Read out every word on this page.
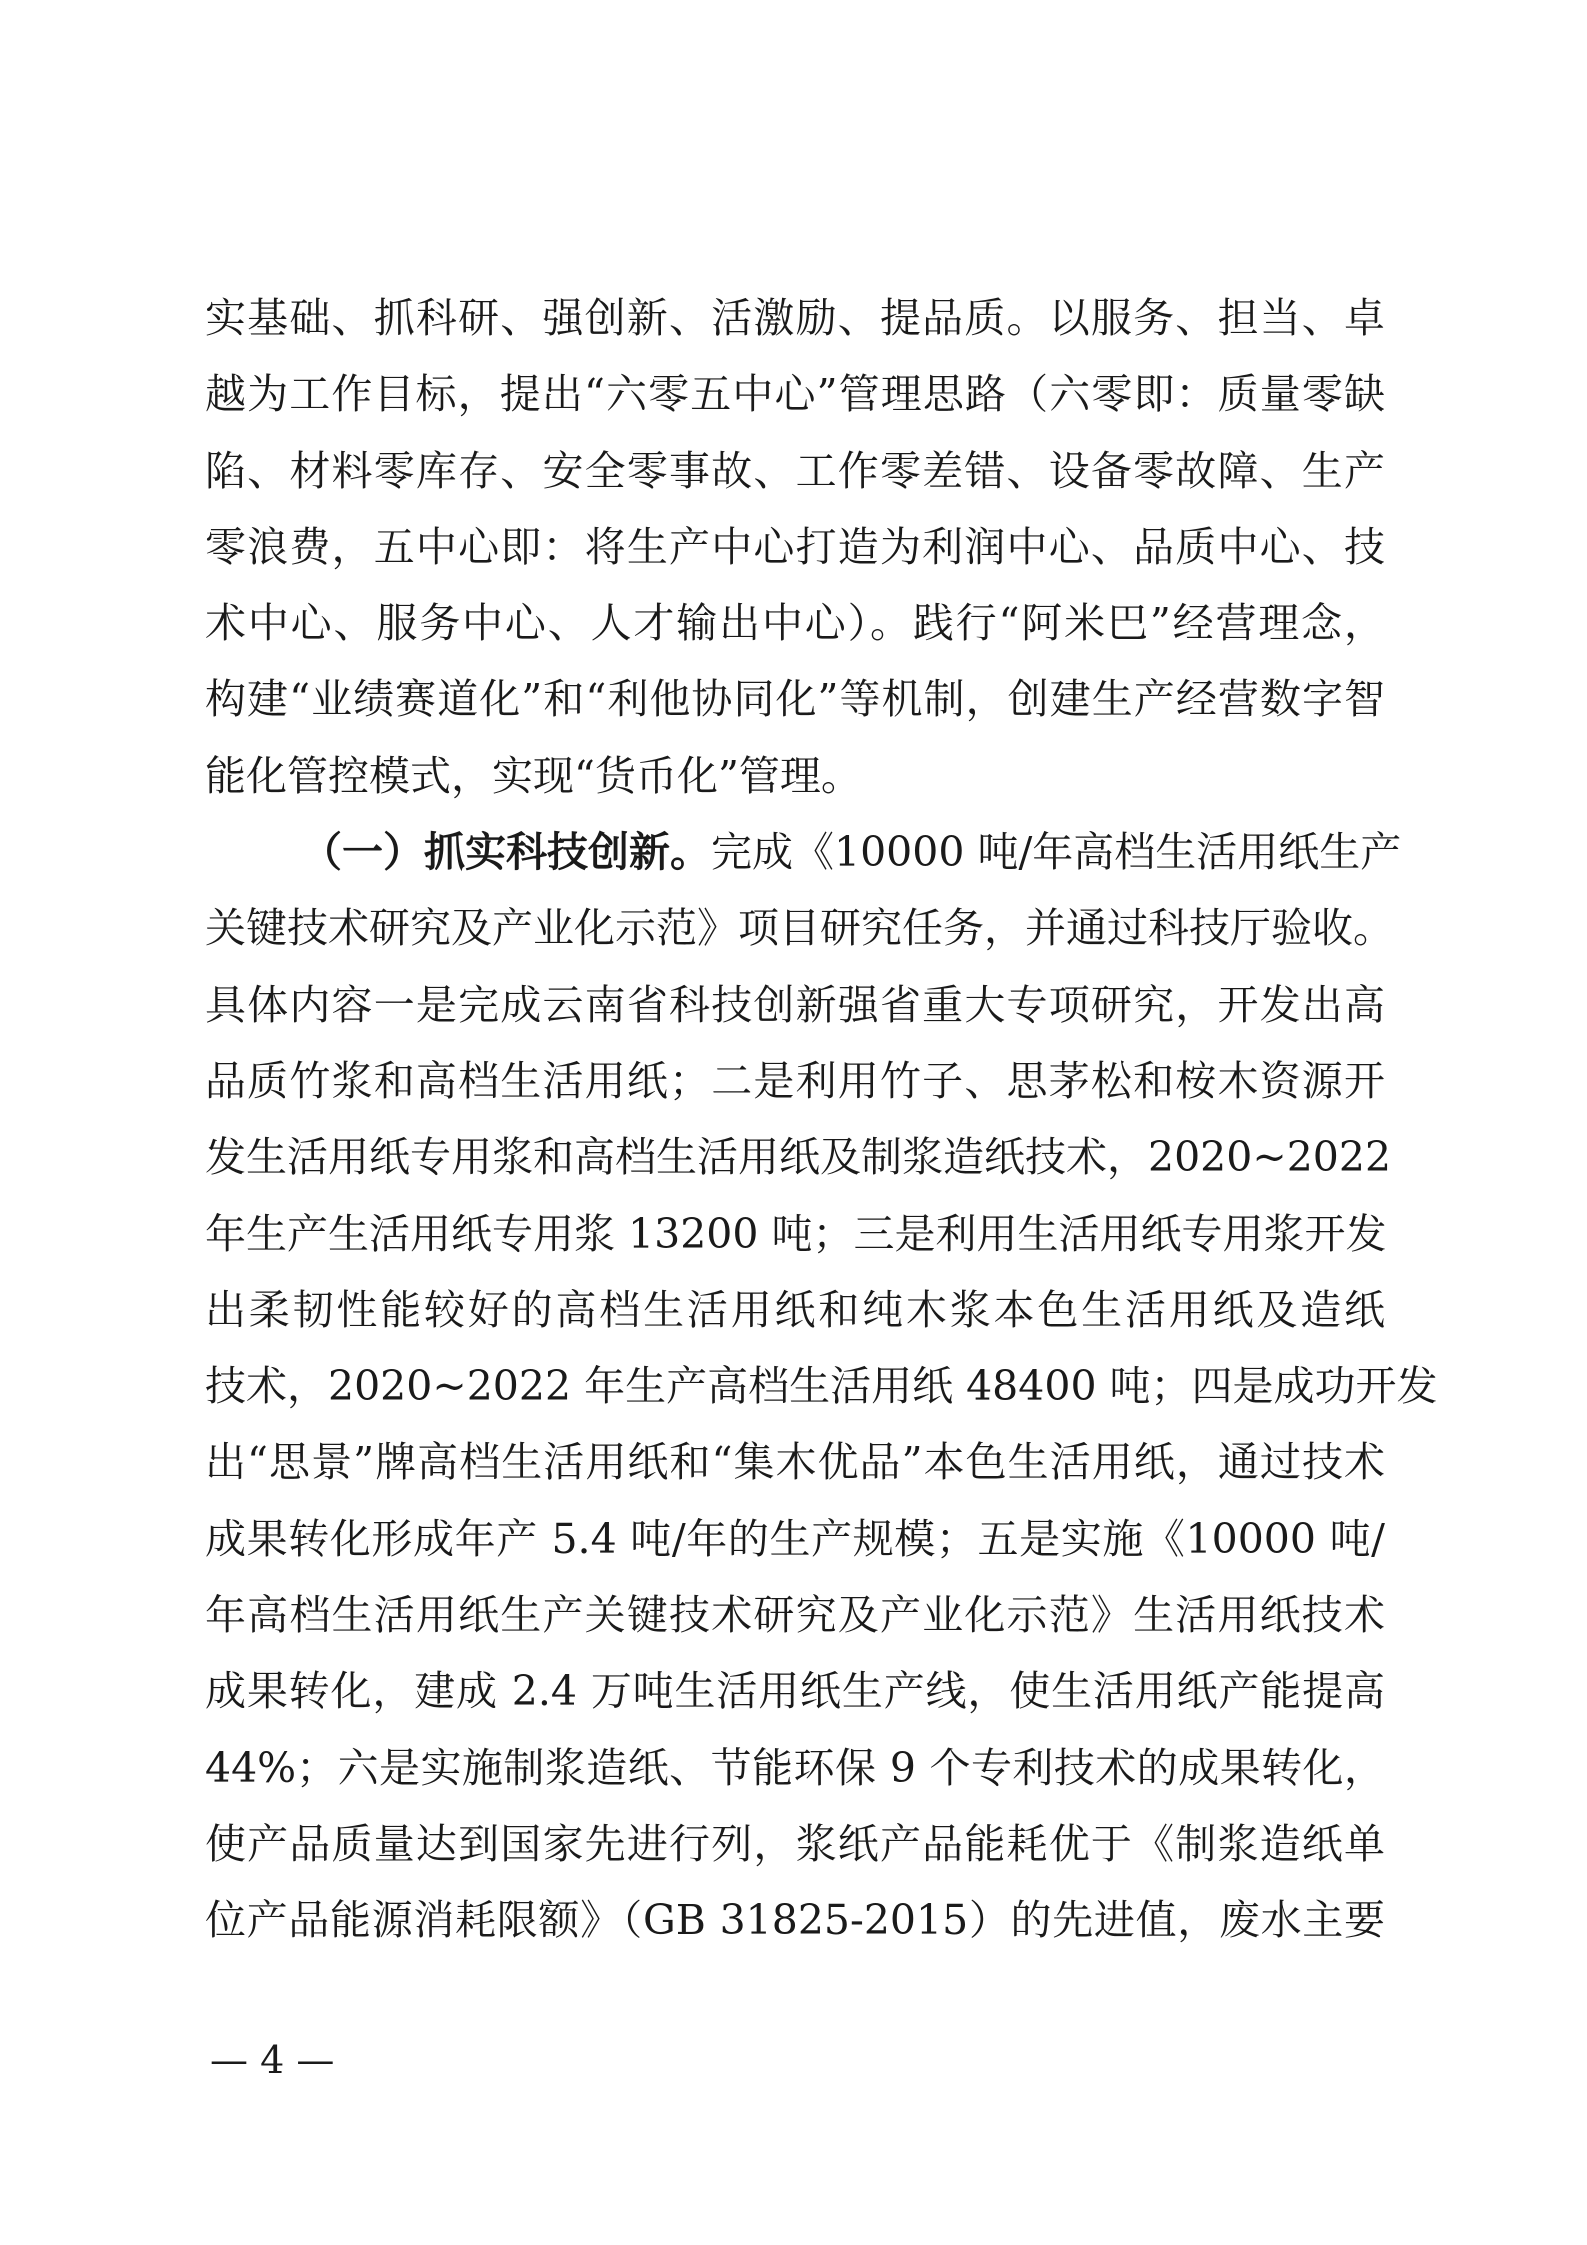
实基础、抓科研、强创新、活激励、提品质。以服务、担当、卓
越为工作目标，提出“六零五中心”管理思路（六零即：质量零缺
陷、材料零库存、安全零事故、工作零差错、设备零故障、生产
零浪费，五中心即：将生产中心打造为利润中心、品质中心、技
术中心、服务中心、人才输出中心）。践行“阿米巴”经营理念，
构建“业绩赛道化”和“利他协同化”等机制，创建生产经营数字智
能化管控模式，实现“货币化”管理。
（一）抓实科技创新。完成《10000 吨/年高档生活用纸生产
关键技术研究及产业化示范》项目研究任务，并通过科技厅验收。
具体内容一是完成云南省科技创新强省重大专项研究，开发出高
品质竹浆和高档生活用纸；二是利用竹子、思茅松和桉木资源开
发生活用纸专用浆和高档生活用纸及制浆造纸技术，2020~2022
年生产生活用纸专用浆 13200 吨；三是利用生活用纸专用浆开发
出柔韧性能较好的高档生活用纸和纯木浆本色生活用纸及造纸
技术，2020~2022 年生产高档生活用纸 48400 吨；四是成功开发
出“思景”牌高档生活用纸和“集木优品”本色生活用纸，通过技术
成果转化形成年产 5.4 吨/年的生产规模；五是实施《10000 吨/
年高档生活用纸生产关键技术研究及产业化示范》生活用纸技术
成果转化，建成 2.4 万吨生活用纸生产线，使生活用纸产能提高
44%；六是实施制浆造纸、节能环保 9 个专利技术的成果转化，
使产品质量达到国家先进行列，浆纸产品能耗优于《制浆造纸单
位产品能源消耗限额》（GB 31825-2015）的先进值，废水主要
— 4 —
